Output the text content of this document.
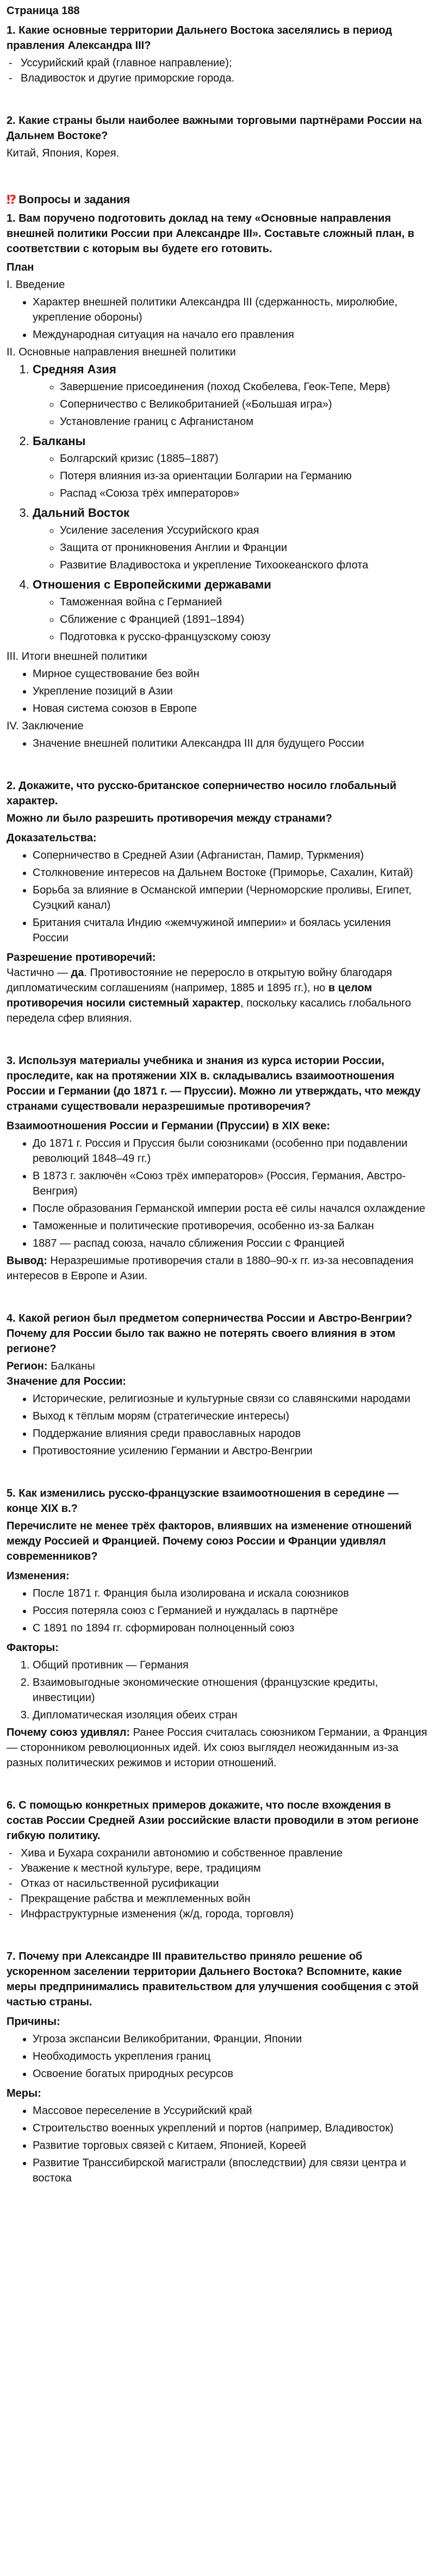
Страница 188

1. Какие основные территории Дальнего Востока заселялись в период правления Александра III?

- Уссурийский край (главное направление);
- Владивосток и другие приморские города.

2. Какие страны были наиболее важными торговыми партнёрами России на Дальнем Востоке?

Китай, Япония, Корея.

⁉ Вопросы и задания

1. Вам поручено подготовить доклад на тему «Основные направления внешней политики России при Александре III». Составьте сложный план, в соответствии с которым вы будете его готовить.

План

I. Введение

• Характер внешней политики Александра III (сдержанность, миролюбие, укрепление обороны)
• Международная ситуация на начало его правления

II. Основные направления внешней политики

1. Средняя Азия
◦ Завершение присоединения (поход Скобелева, Геок-Тепе, Мерв)
◦ Соперничество с Великобританией («Большая игра»)
◦ Установление границ с Афганистаном
2. Балканы
◦ Болгарский кризис (1885–1887)
◦ Потеря влияния из-за ориентации Болгарии на Германию
◦ Распад «Союза трёх императоров»
3. Дальний Восток
◦ Усиление заселения Уссурийского края
◦ Защита от проникновения Англии и Франции
◦ Развитие Владивостока и укрепление Тихоокеанского флота
4. Отношения с Европейскими державами
◦ Таможенная война с Германией
◦ Сближение с Францией (1891–1894)
◦ Подготовка к русско-французскому союзу

III. Итоги внешней политики

• Мирное существование без войн
• Укрепление позиций в Азии
• Новая система союзов в Европе

IV. Заключение

• Значение внешней политики Александра III для будущего России

2. Докажите, что русско-британское соперничество носило глобальный характер.

Можно ли было разрешить противоречия между странами?

Доказательства:

• Соперничество в Средней Азии (Афганистан, Памир, Туркмения)
• Столкновение интересов на Дальнем Востоке (Приморье, Сахалин, Китай)
• Борьба за влияние в Османской империи (Черноморские проливы, Египет, Суэцкий канал)
• Британия считала Индию «жемчужиной империи» и боялась усиления России

Разрешение противоречий:

Частично — да. Противостояние не переросло в открытую войну благодаря дипломатическим соглашениям (например, 1885 и 1895 гг.), но в целом противоречия носили системный характер, поскольку касались глобального передела сфер влияния.

3. Используя материалы учебника и знания из курса истории России, проследите, как на протяжении XIX в. складывались взаимоотношения России и Германии (до 1871 г. — Пруссии). Можно ли утверждать, что между странами существовали неразрешимые противоречия?

Взаимоотношения России и Германии (Пруссии) в XIX веке:

• До 1871 г. Россия и Пруссия были союзниками (особенно при подавлении революций 1848–49 гг.)
• В 1873 г. заключён «Союз трёх императоров» (Россия, Германия, Австро-Венгрия)
• После образования Германской империи роста её силы начался охлаждение
• Таможенные и политические противоречия, особенно из-за Балкан
• 1887 — распад союза, начало сближения России с Францией

Вывод: Неразрешимые противоречия стали в 1880–90-х гг. из-за несовпадения интересов в Европе и Азии.

4. Какой регион был предметом соперничества России и Австро-Венгрии? Почему для России было так важно не потерять своего влияния в этом регионе?

Регион: Балканы

Значение для России:

• Исторические, религиозные и культурные связи со славянскими народами
• Выход к тёплым морям (стратегические интересы)
• Поддержание влияния среди православных народов
• Противостояние усилению Германии и Австро-Венгрии

5. Как изменились русско-французские взаимоотношения в середине — конце XIX в.?

Перечислите не менее трёх факторов, влиявших на изменение отношений между Россией и Францией. Почему союз России и Франции удивлял современников?

Изменения:

• После 1871 г. Франция была изолирована и искала союзников
• Россия потеряла союз с Германией и нуждалась в партнёре
• С 1891 по 1894 гг. сформирован полноценный союз

Факторы:

1. Общий противник — Германия
2. Взаимовыгодные экономические отношения (французские кредиты, инвестиции)
3. Дипломатическая изоляция обеих стран

Почему союз удивлял: Ранее Россия считалась союзником Германии, а Франция — сторонником революционных идей. Их союз выглядел неожиданным из-за разных политических режимов и истории отношений.

6. С помощью конкретных примеров докажите, что после вхождения в состав России Средней Азии российские власти проводили в этом регионе гибкую политику.

- Хива и Бухара сохранили автономию и собственное правление
- Уважение к местной культуре, вере, традициям
- Отказ от насильственной русификации
- Прекращение рабства и межплеменных войн
- Инфраструктурные изменения (ж/д, города, торговля)

7. Почему при Александре III правительство приняло решение об ускоренном заселении территории Дальнего Востока? Вспомните, какие меры предпринимались правительством для улучшения сообщения с этой частью страны.

Причины:

• Угроза экспансии Великобритании, Франции, Японии
• Необходимость укрепления границ
• Освоение богатых природных ресурсов

Меры:

• Массовое переселение в Уссурийский край
• Строительство военных укреплений и портов (например, Владивосток)
• Развитие торговых связей с Китаем, Японией, Кореей
• Развитие Транссибирской магистрали (впоследствии) для связи центра и востока
